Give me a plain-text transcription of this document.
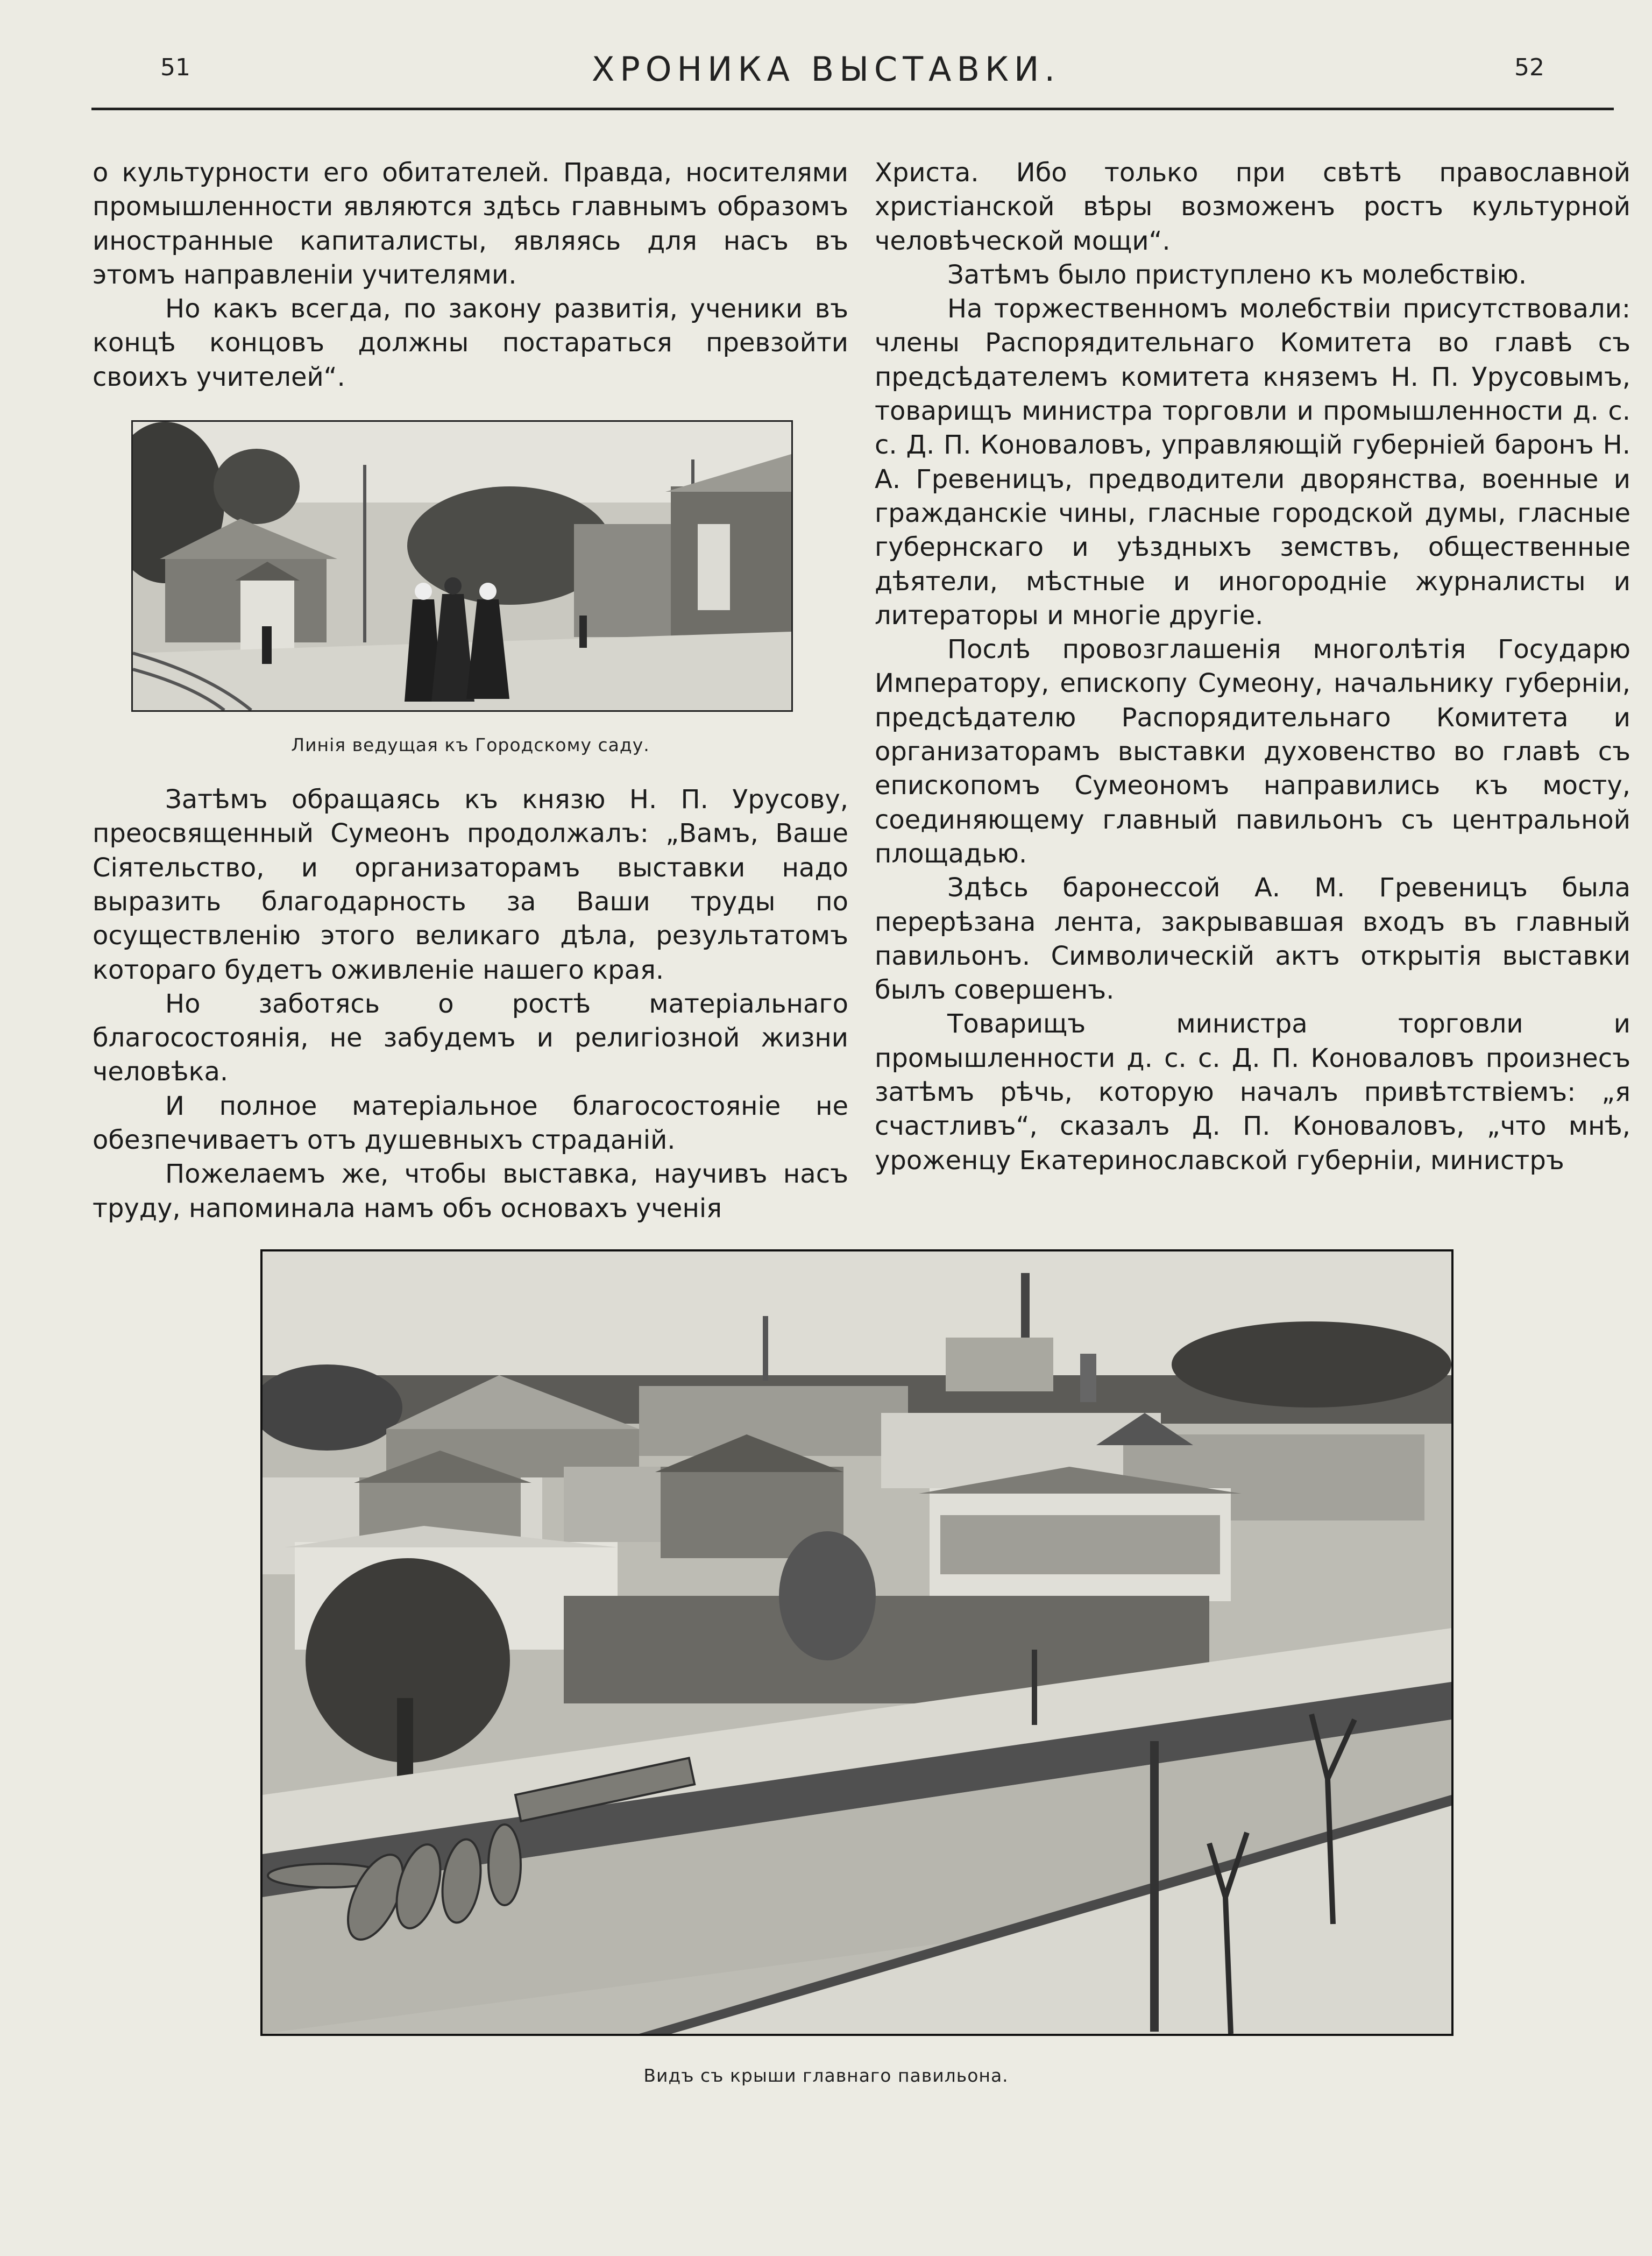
51	ХРОНИКА ВЫСТАВКИ.	52

о культурности его обитателей. Правда, носителями промышленности являются здѣсь главнымъ образомъ иностранные капиталисты, являясь для насъ въ этомъ направленіи учителями.

Но какъ всегда, по закону развитія, ученики въ концѣ концовъ должны постараться превзойти своихъ учителей“.

Линія ведущая къ Городскому саду.

Затѣмъ обращаясь къ князю Н. П. Урусову, преосвященный Сумеонъ продолжалъ: „Вамъ, Ваше Сіятельство, и организаторамъ выставки надо выразить благодарность за Ваши труды по осуществленію этого великаго дѣла, результатомъ котораго будетъ оживленіе нашего края.

Но заботясь о ростѣ матеріальнаго благосостоянія, не забудемъ и религіозной жизни человѣка.

И полное матеріальное благосостояніе не обезпечиваетъ отъ душевныхъ страданій.

Пожелаемъ же, чтобы выставка, научивъ насъ труду, напоминала намъ объ основахъ ученія

Христа. Ибо только при свѣтѣ православной христіанской вѣры возможенъ ростъ культурной человѣческой мощи“.

Затѣмъ было приступлено къ молебствію.

На торжественномъ молебствіи присутствовали: члены Распорядительнаго Комитета во главѣ съ предсѣдателемъ комитета княземъ Н. П. Урусовымъ, товарищъ министра торговли и промышленности д. с. с. Д. П. Коноваловъ, управляющій губерніей баронъ Н. А. Гревеницъ, предводители дворянства, военные и гражданскіе чины, гласные городской думы, гласные губернскаго и уѣздныхъ земствъ, общественные дѣятели, мѣстные и иногородніе журналисты и литераторы и многіе другіе.

Послѣ провозглашенія многолѣтія Государю Императору, епископу Сумеону, начальнику губерніи, предсѣдателю Распорядительнаго Комитета и организаторамъ выставки духовенство во главѣ съ епископомъ Сумеономъ направились къ мосту, соединяющему главный павильонъ съ центральной площадью.

Здѣсь баронессой А. М. Гревеницъ была перерѣзана лента, закрывавшая входъ въ главный павильонъ. Символическій актъ открытія выставки былъ совершенъ.

Товарищъ министра торговли и промышленности д. с. с. Д. П. Коноваловъ произнесъ затѣмъ рѣчь, которую началъ привѣтствіемъ: „я счастливъ“, сказалъ Д. П. Коноваловъ, „что мнѣ, уроженцу Екатеринославской губерніи, министръ

Видъ съ крыши главнаго павильона.
